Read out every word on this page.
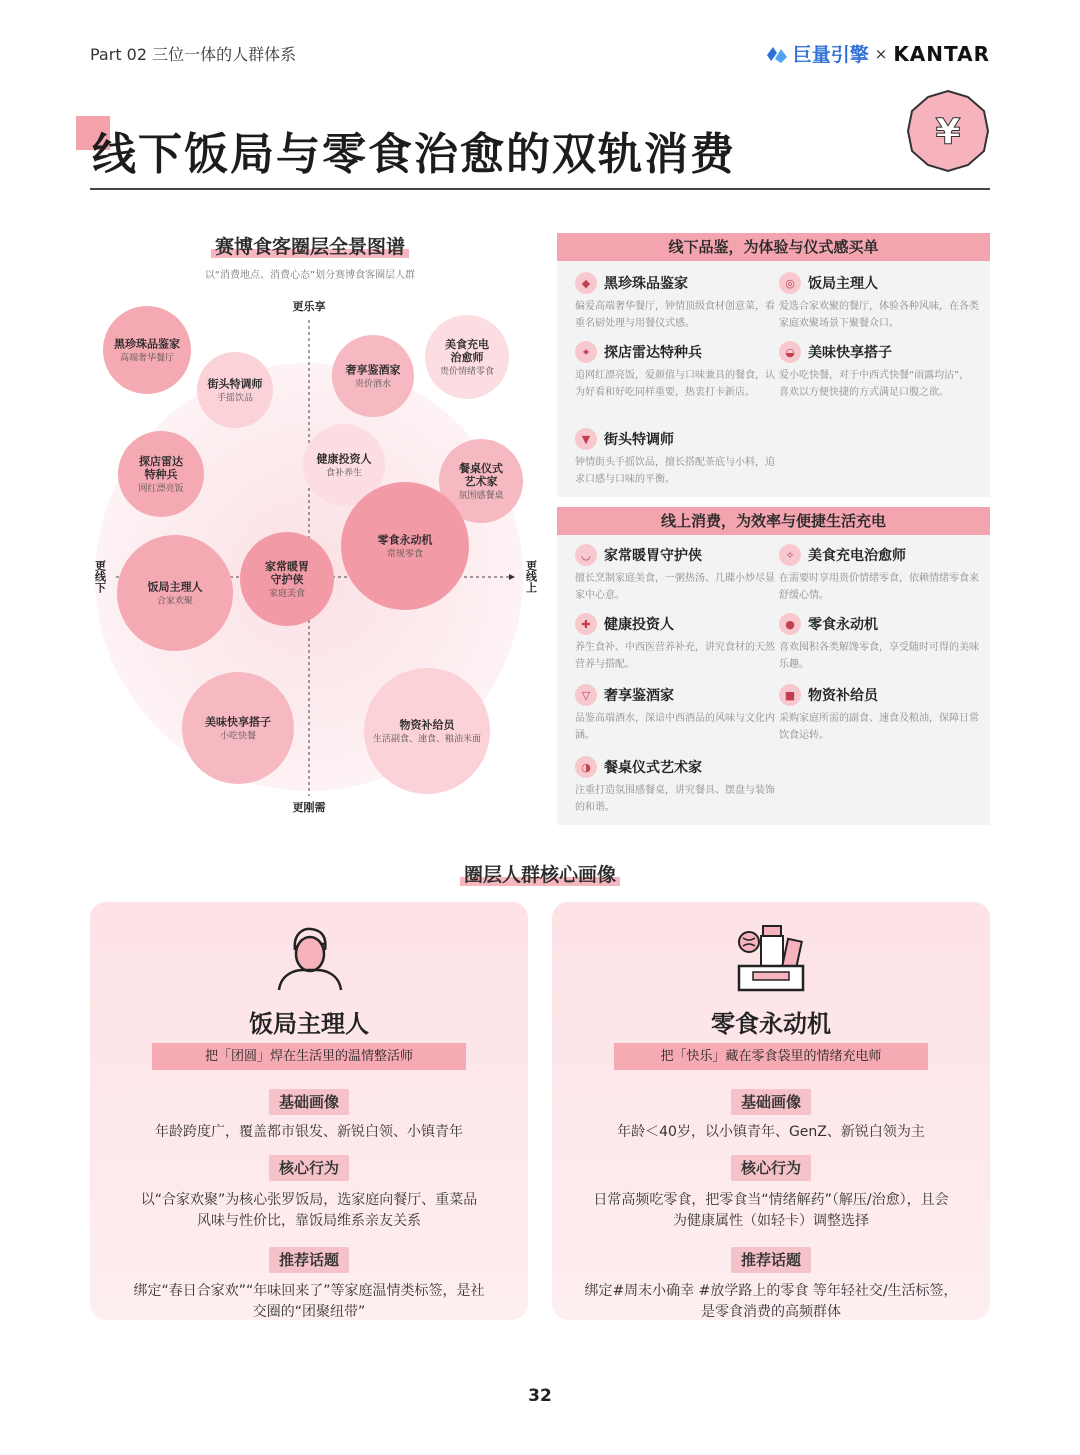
Part 02 三位一体的人群体系	巨量引擎 × KANTAR
线下饭局与零食治愈的双轨消费	¥
赛博食客圈层全景图谱
以“消费地点、消费心态”划分赛博食客圈层人群
更乐享
更刚需
更线下	更线上
黑珍珠品鉴家
高端奢华餐厅
街头特调师
手摇饮品
奢享鉴酒家
贵价酒水
美食充电
治愈师
贵价情绪零食
探店雷达
特种兵
网红漂亮饭
健康投资人
食补养生	餐桌仪式
艺术家
氛围感餐桌
零食永动机
常规零食
饭局主理人
合家欢聚
家常暖胃
守护侠
家庭美食
美味快享搭子
小吃快餐
物资补给员
生活副食、速食、粮油米面
线下品鉴，为体验与仪式感买单
◆ 黑珍珠品鉴家
偏爱高端奢华餐厅，钟情顶级食材创意菜，看重名厨处理与用餐仪式感。
◎ 饭局主理人
爱选合家欢聚的餐厅，体验各种风味，在各类家庭欢聚场景下聚餐众口。
✦ 探店雷达特种兵
追网红漂亮饭，爱颜值与口味兼具的餐食，认为好看和好吃同样重要，热衷打卡新店。
◒ 美味快享搭子
爱小吃快餐，对于中西式快餐“雨露均沾”，喜欢以方便快捷的方式满足口腹之欲。
▼ 街头特调师
钟情街头手摇饮品，擅长搭配茶底与小料，追求口感与口味的平衡。
线上消费，为效率与便捷生活充电
◡ 家常暖胃守护侠
擅长烹制家庭美食，一粥热汤、几碟小炒尽显家中心意。
✧ 美食充电治愈师
在需要时享用贵价情绪零食，依赖情绪零食来舒缓心情。
✚ 健康投资人
养生食补、中西医营养补充，讲究食材的天然营养与搭配。
● 零食永动机
喜欢囤积各类解馋零食，享受随时可得的美味乐趣。
▽ 奢享鉴酒家
品鉴高端酒水，深谙中西酒品的风味与文化内涵。
■ 物资补给员
采购家庭所需的副食、速食及粮油，保障日常饮食运转。
◑ 餐桌仪式艺术家
注重打造氛围感餐桌，讲究餐具、摆盘与装饰的和谐。
圈层人群核心画像
饭局主理人
把「团圆」焊在生活里的温情整活师
基础画像
年龄跨度广，覆盖都市银发、新锐白领、小镇青年
核心行为
以“合家欢聚”为核心张罗饭局，选家庭向餐厅、重菜品风味与性价比，靠饭局维系亲友关系
推荐话题
绑定“春日合家欢”“年味回来了”等家庭温情类标签，是社交圈的“团聚纽带”
零食永动机
把「快乐」藏在零食袋里的情绪充电师
基础画像
年龄＜40岁，以小镇青年、GenZ、新锐白领为主
核心行为
日常高频吃零食，把零食当“情绪解药”（解压/治愈），且会为健康属性（如轻卡）调整选择
推荐话题
绑定#周末小确幸 #放学路上的零食 等年轻社交/生活标签，是零食消费的高频群体
32
